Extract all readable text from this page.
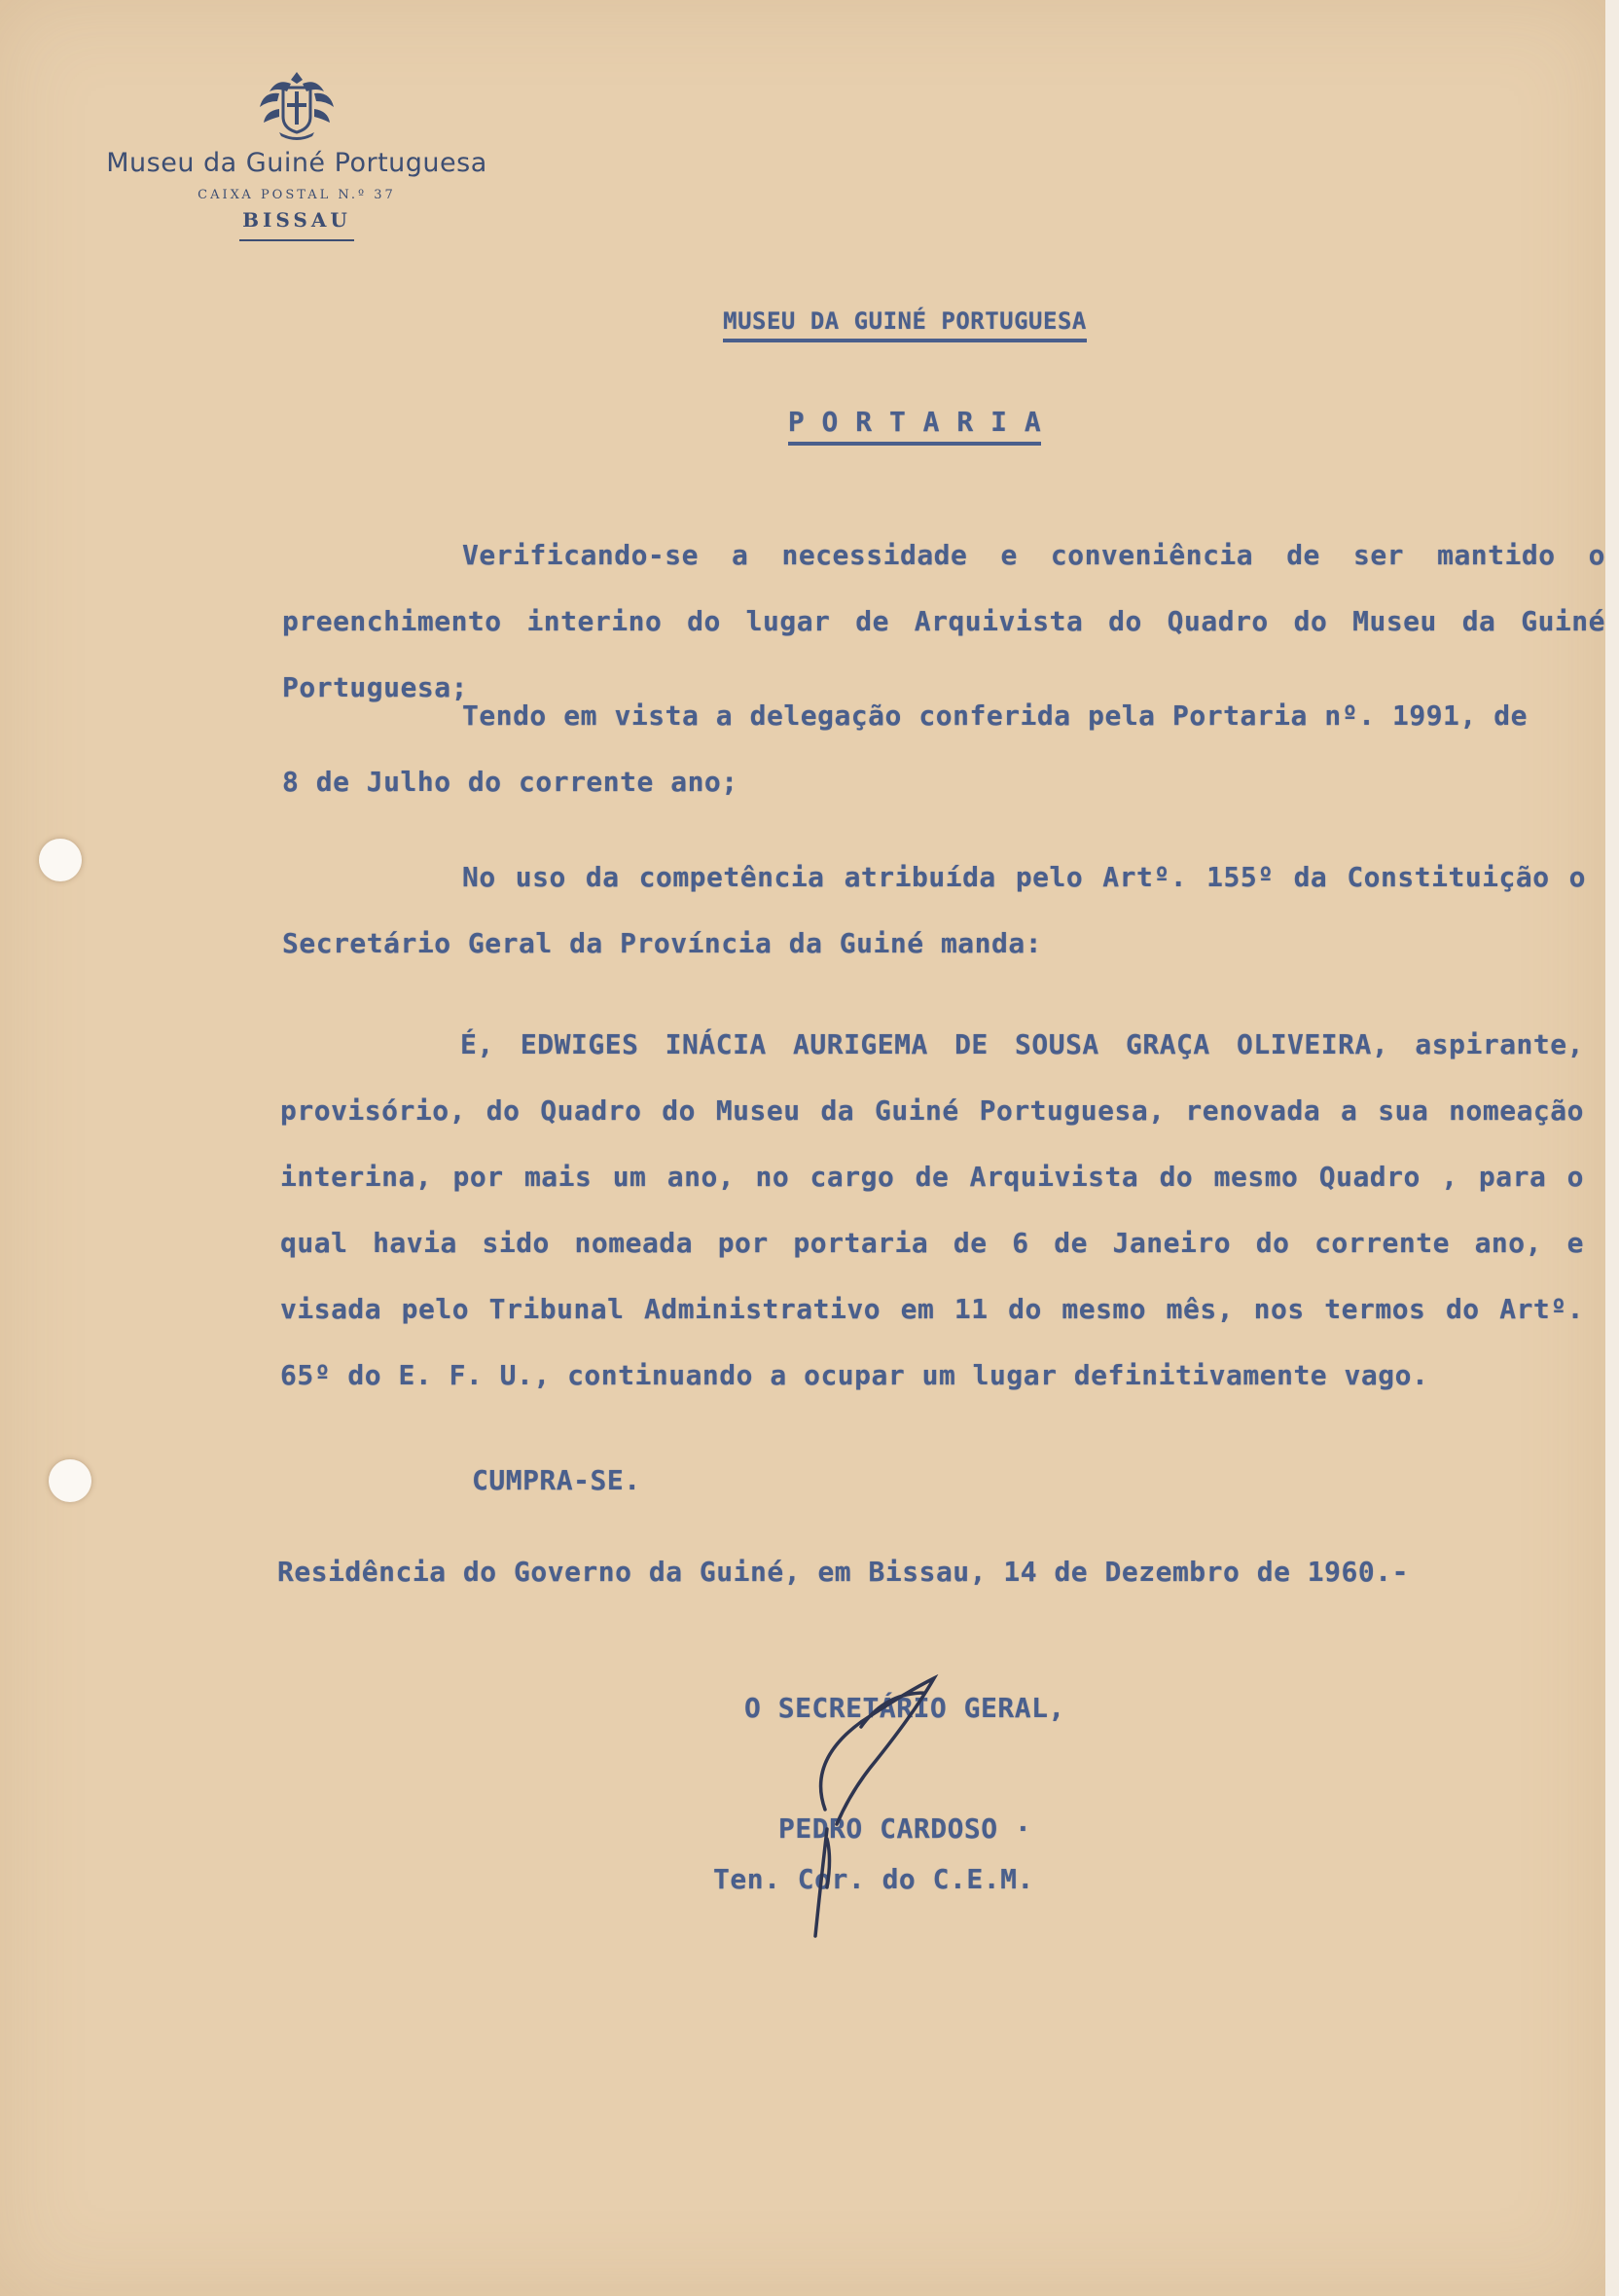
Museu da Guiné Portuguesa
CAIXA POSTAL N.º 37
BISSAU
MUSEU DA GUINÉ PORTUGUESA
P O R T A R I A
Verificando-se a necessidade e conveniência de ser mantido o preenchimento interino do lugar de Arquivista do Quadro do Museu da Guiné Portuguesa;
Tendo em vista a delegação conferida pela Portaria nº. 1991, de 8 de Julho do corrente ano;
No uso da competência atribuída pelo Artº. 155º da Constituição o Secretário Geral da Província da Guiné manda:
É, EDWIGES INÁCIA AURIGEMA DE SOUSA GRAÇA OLIVEIRA, aspirante, provisório, do Quadro do Museu da Guiné Portuguesa, renovada a sua nomeação interina, por mais um ano, no cargo de Arquivista do mesmo Quadro , para o qual havia sido nomeada por portaria de 6 de Janeiro do corrente ano, e visada pelo Tribunal Administrativo em 11 do mesmo mês, nos termos do Artº. 65º do E. F. U., continuando a ocupar um lugar definitivamente vago.
CUMPRA-SE.
Residência do Governo da Guiné, em Bissau, 14 de Dezembro de 1960.-
O SECRETÁRIO GERAL,
PEDRO CARDOSO ·
Ten. Cor. do C.E.M.
